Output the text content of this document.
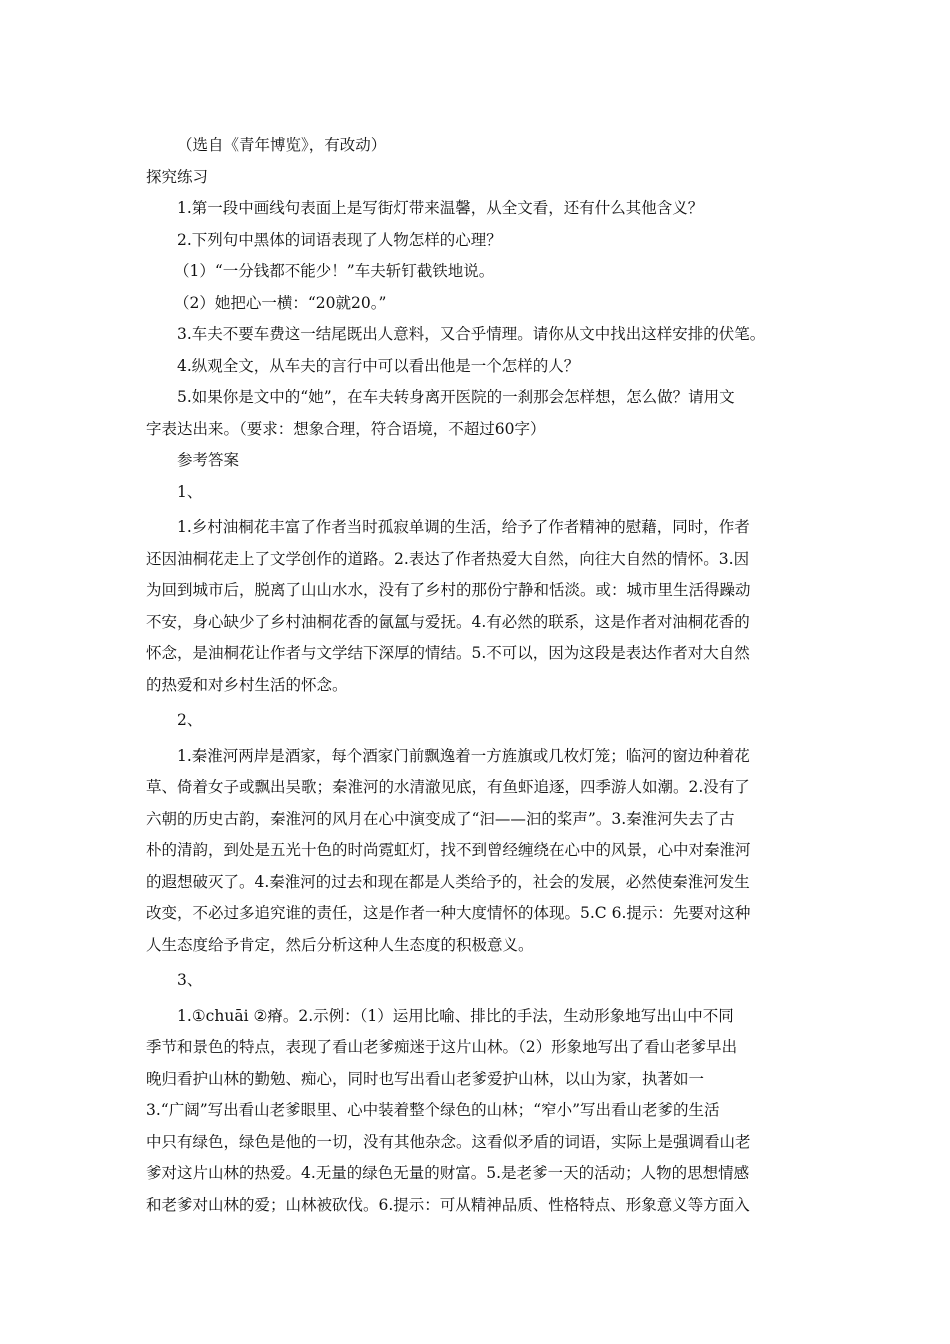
（选自《青年博览》，有改动）
探究练习
1.第一段中画线句表面上是写街灯带来温馨，从全文看，还有什么其他含义？
2.下列句中黑体的词语表现了人物怎样的心理？
（1）“一分钱都不能少！”车夫斩钉截铁地说。
（2）她把心一横：“20就20。”
3.车夫不要车费这一结尾既出人意料，又合乎情理。请你从文中找出这样安排的伏笔。
4.纵观全文，从车夫的言行中可以看出他是一个怎样的人？
5.如果你是文中的“她”，在车夫转身离开医院的一刹那会怎样想，怎么做？请用文
字表达出来。（要求：想象合理，符合语境，不超过60字）
参考答案
1、
1.乡村油桐花丰富了作者当时孤寂单调的生活，给予了作者精神的慰藉，同时，作者
还因油桐花走上了文学创作的道路。2.表达了作者热爱大自然，向往大自然的情怀。3.因
为回到城市后，脱离了山山水水，没有了乡村的那份宁静和恬淡。或：城市里生活得躁动
不安，身心缺少了乡村油桐花香的氤氲与爱抚。4.有必然的联系，这是作者对油桐花香的
怀念，是油桐花让作者与文学结下深厚的情结。5.不可以，因为这段是表达作者对大自然
的热爱和对乡村生活的怀念。
2、
1.秦淮河两岸是酒家，每个酒家门前飘逸着一方旌旗或几枚灯笼；临河的窗边种着花
草、倚着女子或飘出吴歌；秦淮河的水清澈见底，有鱼虾追逐，四季游人如潮。2.没有了
六朝的历史古韵，秦淮河的风月在心中演变成了“汩——汩的桨声”。3.秦淮河失去了古
朴的清韵，到处是五光十色的时尚霓虹灯，找不到曾经缠绕在心中的风景，心中对秦淮河
的遐想破灭了。4.秦淮河的过去和现在都是人类给予的，社会的发展，必然使秦淮河发生
改变，不必过多追究谁的责任，这是作者一种大度情怀的体现。5.C 6.提示：先要对这种
人生态度给予肯定，然后分析这种人生态度的积极意义。
3、
1.①chuāi ②瘠。2.示例：（1）运用比喻、排比的手法，生动形象地写出山中不同
季节和景色的特点，表现了看山老爹痴迷于这片山林。（2）形象地写出了看山老爹早出
晚归看护山林的勤勉、痴心，同时也写出看山老爹爱护山林，以山为家，执著如一
3.“广阔”写出看山老爹眼里、心中装着整个绿色的山林；“窄小”写出看山老爹的生活
中只有绿色，绿色是他的一切，没有其他杂念。这看似矛盾的词语，实际上是强调看山老
爹对这片山林的热爱。4.无量的绿色无量的财富。5.是老爹一天的活动；人物的思想情感
和老爹对山林的爱；山林被砍伐。6.提示：可从精神品质、性格特点、形象意义等方面入
